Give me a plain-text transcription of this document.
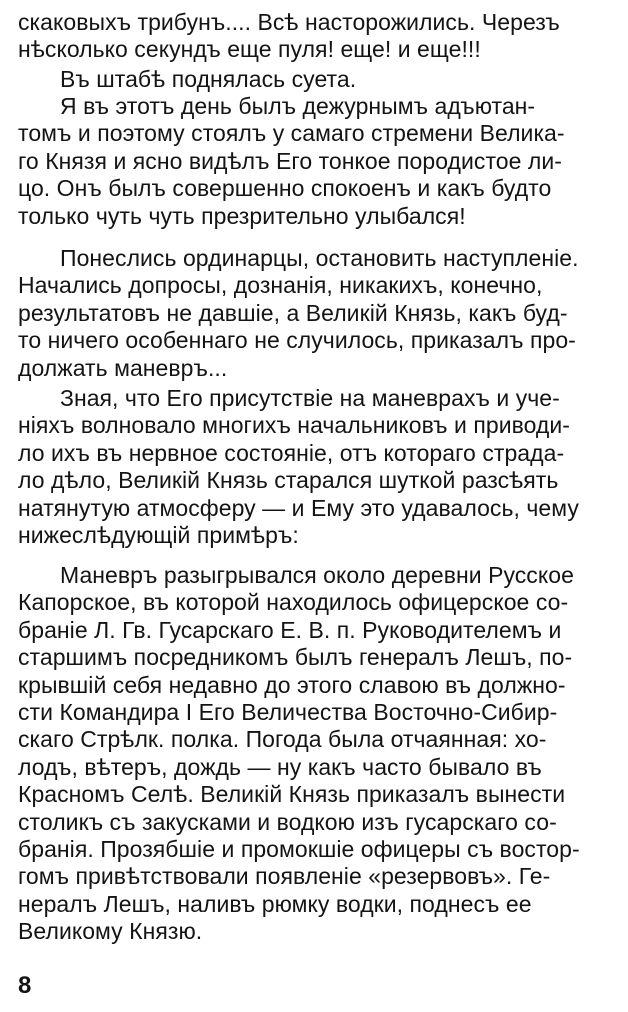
скаковыхъ трибунъ.... Всѣ насторожились. Черезъ
нѣсколько секундъ еще пуля! еще! и еще!!!
Въ штабѣ поднялась суета.
Я въ этотъ день былъ дежурнымъ адъютан-
томъ и поэтому стоялъ у самаго стремени Велика-
го Князя и ясно видѣлъ Его тонкое породистое ли-
цо. Онъ былъ совершенно спокоенъ и какъ будто
только чуть чуть презрительно улыбался!
Понеслись ординарцы, остановить наступленіе.
Начались допросы, дознанія, никакихъ, конечно,
результатовъ не давшіе, а Великій Князь, какъ буд-
то ничего особеннаго не случилось, приказалъ про-
должать маневръ...
Зная, что Его присутствіе на маневрахъ и уче-
ніяхъ волновало многихъ начальниковъ и приводи-
ло ихъ въ нервное состояніе, отъ котораго страда-
ло дѣло, Великій Князь старался шуткой разсѣять
натянутую атмосферу — и Ему это удавалось, чему
нижеслѣдующій примѣръ:
Маневръ разыгрывался около деревни Русское
Капорское, въ которой находилось офицерское со-
браніе Л. Гв. Гусарскаго Е. В. п. Руководителемъ и
старшимъ посредникомъ былъ генералъ Лешъ, по-
крывшій себя недавно до этого славою въ должно-
сти Командира I Его Величества Восточно-Сибир-
скаго Стрѣлк. полка. Погода была отчаянная: хо-
лодъ, вѣтеръ, дождь — ну какъ часто бывало въ
Красномъ Селѣ. Великій Князь приказалъ вынести
столикъ съ закусками и водкою изъ гусарскаго со-
бранія. Прозябшіе и промокшіе офицеры съ востор-
гомъ привѣтствовали появленіе «резервовъ». Ге-
нералъ Лешъ, наливъ рюмку водки, поднесъ ее
Великому Князю.
8
